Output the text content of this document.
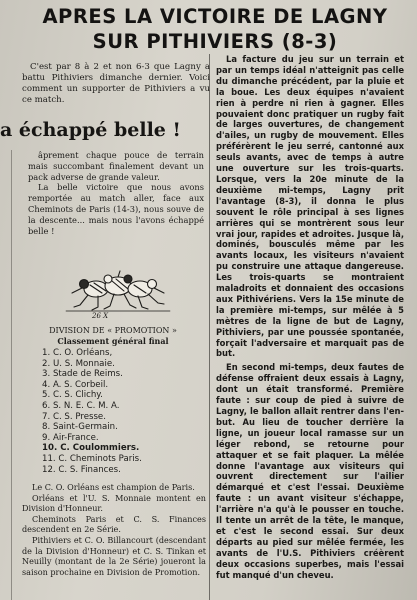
APRES LA VICTOIRE DE LAGNY
SUR PITHIVIERS (8-3)
C'est par 8 à 2 et non 6-3 que Lagny a battu Pithiviers dimanche dernier. Voici comment un supporter de Pithiviers a vu ce match.
a échappé belle !

âprement chaque pouce de terrain mais succombant finalement devant un pack adverse de grande valeur.

La belle victoire que nous avons remportée au match aller, face aux Cheminots de Paris (14-3), nous souve de la descente... mais nous l'avons échappé belle !

26 X
DIVISION DE « PROMOTION »
Classement général final
1. C. O. Orléans,
2. U. S. Monnaie.
3. Stade de Reims.
4. A. S. Corbeil.
5. C. S. Clichy.
6. S. N. E. C. M. A.
7. C. S. Presse.
8. Saint-Germain.
9. Air-France.
10. C. Coulommiers.
11. C. Cheminots Paris.
12. C. S. Finances.

Le C. O. Orléans est champion de Paris.

Orléans et l'U. S. Monnaie montent en Division d'Honneur.

Cheminots Paris et C. S. Finances descendent en 2e Série.

Pithiviers et C. O. Billancourt (descendant de la Division d'Honneur) et C. S. Tinkan et Neuilly (montant de la 2e Série) joueront la saison prochaine en Division de Promotion.

La facture du jeu sur un terrain et par un temps idéal n'atteignit pas celle du dimanche précédent, par la pluie et la boue. Les deux équipes n'avaient rien à perdre ni rien à gagner. Elles pouvaient donc pratiquer un rugby fait de larges ouvertures, de changement d'ailes, un rugby de mouvement. Elles préférèrent le jeu serré, cantonné aux seuls avants, avec de temps à autre une ouverture sur les trois-quarts. Lorsque, vers la 20e minute de la deuxième mi-temps, Lagny prit l'avantage (8-3), il donna le plus souvent le rôle principal à ses lignes arrières qui se montrèrent sous leur vrai jour, rapides et adroites. Jusque là, dominés, bousculés même par les avants locaux, les visiteurs n'avaient pu construire une attaque dangereuse. Les trois-quarts se montraient maladroits et donnaient des occasions aux Pithivériens. Vers la 15e minute de la première mi-temps, sur mêlée à 5 mètres de la ligne de but de Lagny, Pithiviers, par une poussée spontanée, forçait l'adversaire et marquait pas de but.

En second mi-temps, deux fautes de défense offraient deux essais à Lagny, dont un était transformé. Première faute : sur coup de pied à suivre de Lagny, le ballon allait rentrer dans l'en-but. Au lieu de toucher derrière la ligne, un joueur local ramasse sur un léger rebond, se retourne pour attaquer et se fait plaquer. La mêlée donne l'avantage aux visiteurs qui ouvrent directement sur l'ailier démarqué et c'est l'essai. Deuxième faute : un avant visiteur s'échappe, l'arrière n'a qu'à le pousser en touche. Il tente un arrêt de la tête, le manque, et c'est le second essai. Sur deux départs au pied sur mêlée fermée, les avants de l'U.S. Pithiviers créèrent deux occasions superbes, mais l'essai fut manqué d'un cheveu.
